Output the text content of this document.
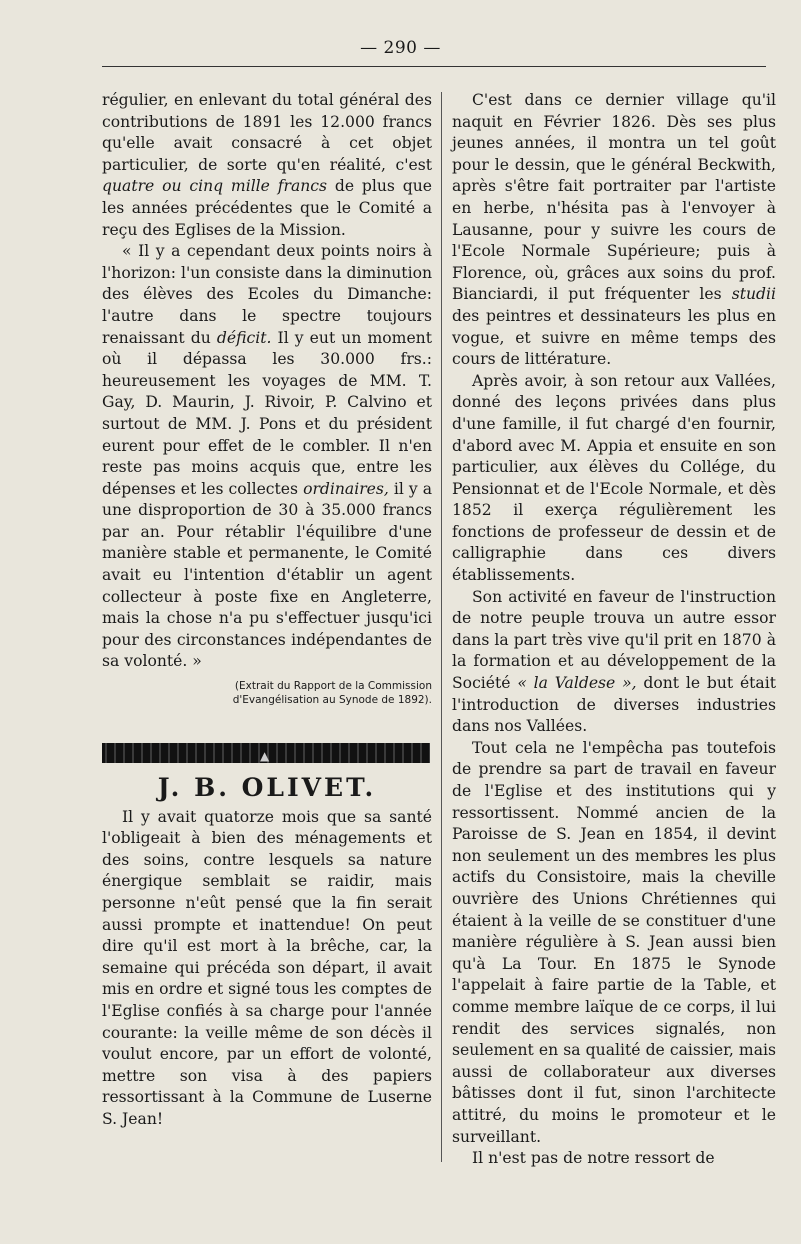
— 290 —

régulier, en enlevant du total général des contributions de 1891 les 12.000 francs qu'elle avait consacré à cet objet particulier, de sorte qu'en réalité, c'est quatre ou cinq mille francs de plus que les années précédentes que le Comité a reçu des Eglises de la Mission.

« Il y a cependant deux points noirs à l'horizon: l'un consiste dans la diminution des élèves des Ecoles du Dimanche: l'autre dans le spectre toujours renaissant du déficit. Il y eut un moment où il dépassa les 30.000 frs.: heureusement les voyages de MM. T. Gay, D. Maurin, J. Rivoir, P. Calvino et surtout de MM. J. Pons et du président eurent pour effet de le combler. Il n'en reste pas moins acquis que, entre les dépenses et les collectes ordinaires, il y a une disproportion de 30 à 35.000 francs par an. Pour rétablir l'équilibre d'une manière stable et permanente, le Comité avait eu l'intention d'établir un agent collecteur à poste fixe en Angleterre, mais la chose n'a pu s'effectuer jusqu'ici pour des circonstances indépendantes de sa volonté. »

(Extrait du Rapport de la Commission
d'Evangélisation au Synode de 1892).

▲
J. B. OLIVET.

Il y avait quatorze mois que sa santé l'obligeait à bien des ménagements et des soins, contre lesquels sa nature énergique semblait se raidir, mais personne n'eût pensé que la fin serait aussi prompte et inattendue! On peut dire qu'il est mort à la brêche, car, la semaine qui précéda son départ, il avait mis en ordre et signé tous les comptes de l'Eglise confiés à sa charge pour l'année courante: la veille même de son décès il voulut encore, par un effort de volonté, mettre son visa à des papiers ressortissant à la Commune de Luserne S. Jean!

C'est dans ce dernier village qu'il naquit en Février 1826. Dès ses plus jeunes années, il montra un tel goût pour le dessin, que le général Beckwith, après s'être fait portraiter par l'artiste en herbe, n'hésita pas à l'envoyer à Lausanne, pour y suivre les cours de l'Ecole Normale Supérieure; puis à Florence, où, grâces aux soins du prof. Bianciardi, il put fréquenter les studii des peintres et dessinateurs les plus en vogue, et suivre en même temps des cours de littérature.

Après avoir, à son retour aux Vallées, donné des leçons privées dans plus d'une famille, il fut chargé d'en fournir, d'abord avec M. Appia et ensuite en son particulier, aux élèves du Collége, du Pensionnat et de l'Ecole Normale, et dès 1852 il exerça régulièrement les fonctions de professeur de dessin et de calligraphie dans ces divers établissements.

Son activité en faveur de l'instruction de notre peuple trouva un autre essor dans la part très vive qu'il prit en 1870 à la formation et au développement de la Société « la Valdese », dont le but était l'introduction de diverses industries dans nos Vallées.

Tout cela ne l'empêcha pas toutefois de prendre sa part de travail en faveur de l'Eglise et des institutions qui y ressortissent. Nommé ancien de la Paroisse de S. Jean en 1854, il devint non seulement un des membres les plus actifs du Consistoire, mais la cheville ouvrière des Unions Chrétiennes qui étaient à la veille de se constituer d'une manière régulière à S. Jean aussi bien qu'à La Tour. En 1875 le Synode l'appelait à faire partie de la Table, et comme membre laïque de ce corps, il lui rendit des services signalés, non seulement en sa qualité de caissier, mais aussi de collaborateur aux diverses bâtisses dont il fut, sinon l'architecte attitré, du moins le promoteur et le surveillant.

Il n'est pas de notre ressort de
